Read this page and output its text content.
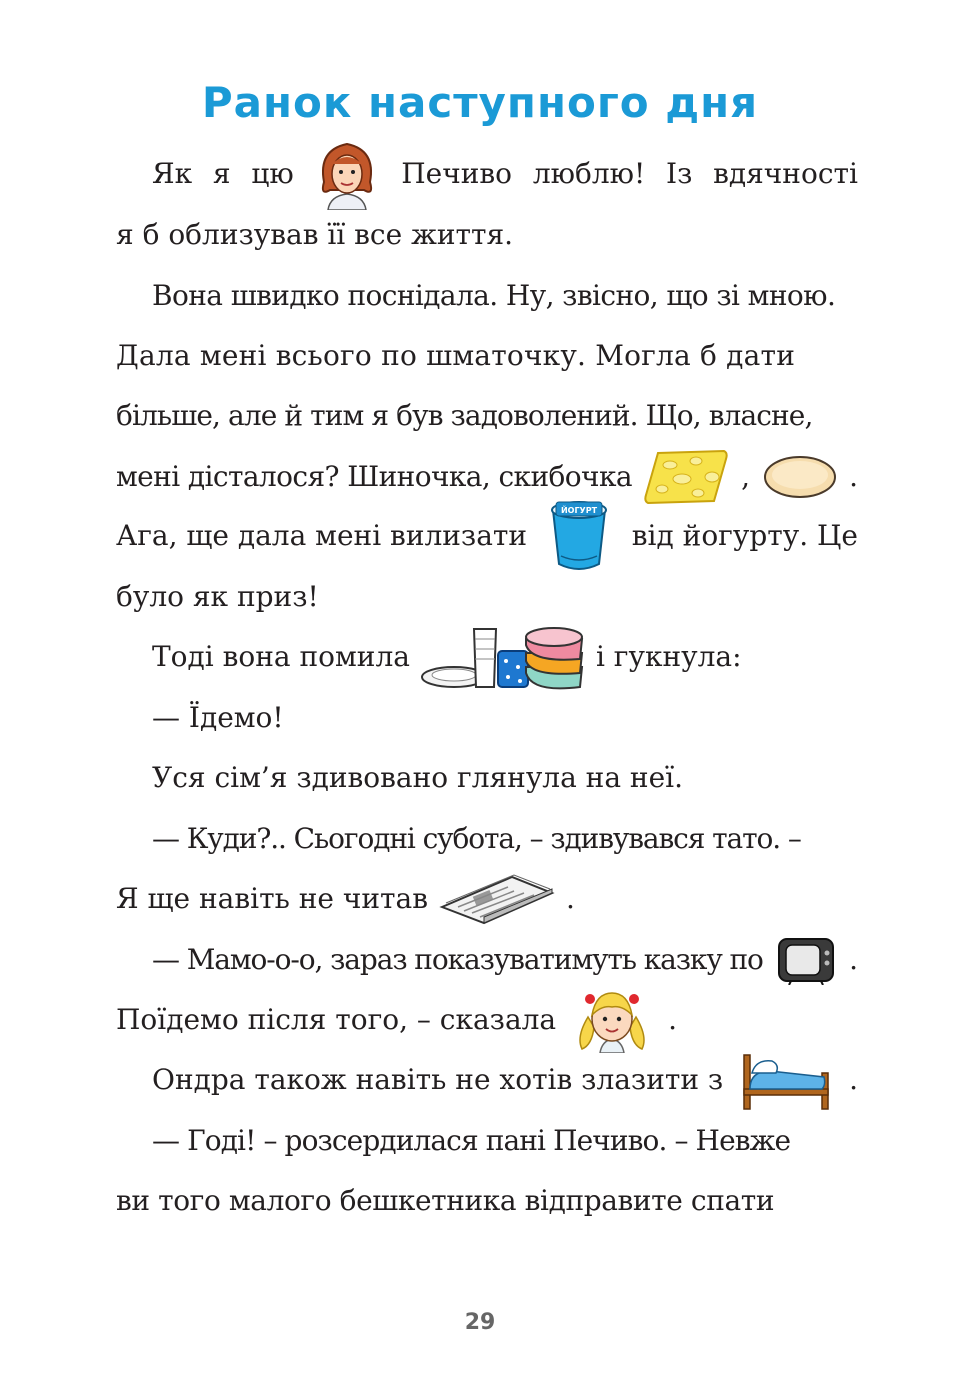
Ранок наступного дня
Як я цю	Печиво люблю! Із вдячності
я б облизував її все життя.
Вона швидко поснідала. Ну, звісно, що зі мною.
Дала мені всього по шматочку. Могла б дати
більше, але й тим я був задоволений. Що, власне,
мені дісталося? Шиночка, скибочка	,	.
Ага, ще дала мені вилизати
ЙОГУРТ
від йогурту. Це
було як приз!
Тоді вона помила	і гукнула:
— Їдемо!
Уся сім’я здивовано глянула на неї.
— Куди?.. Сьогодні субота, – здивувався тато. –
Я ще навіть не читав	.
— Мамо-о-о, зараз показуватимуть казку по	.
Поїдемо після того, – сказала	.
Ондра також навіть не хотів злазити з	.
— Годі! – розсердилася пані Печиво. – Невже
ви того малого бешкетника відправите спати
29
